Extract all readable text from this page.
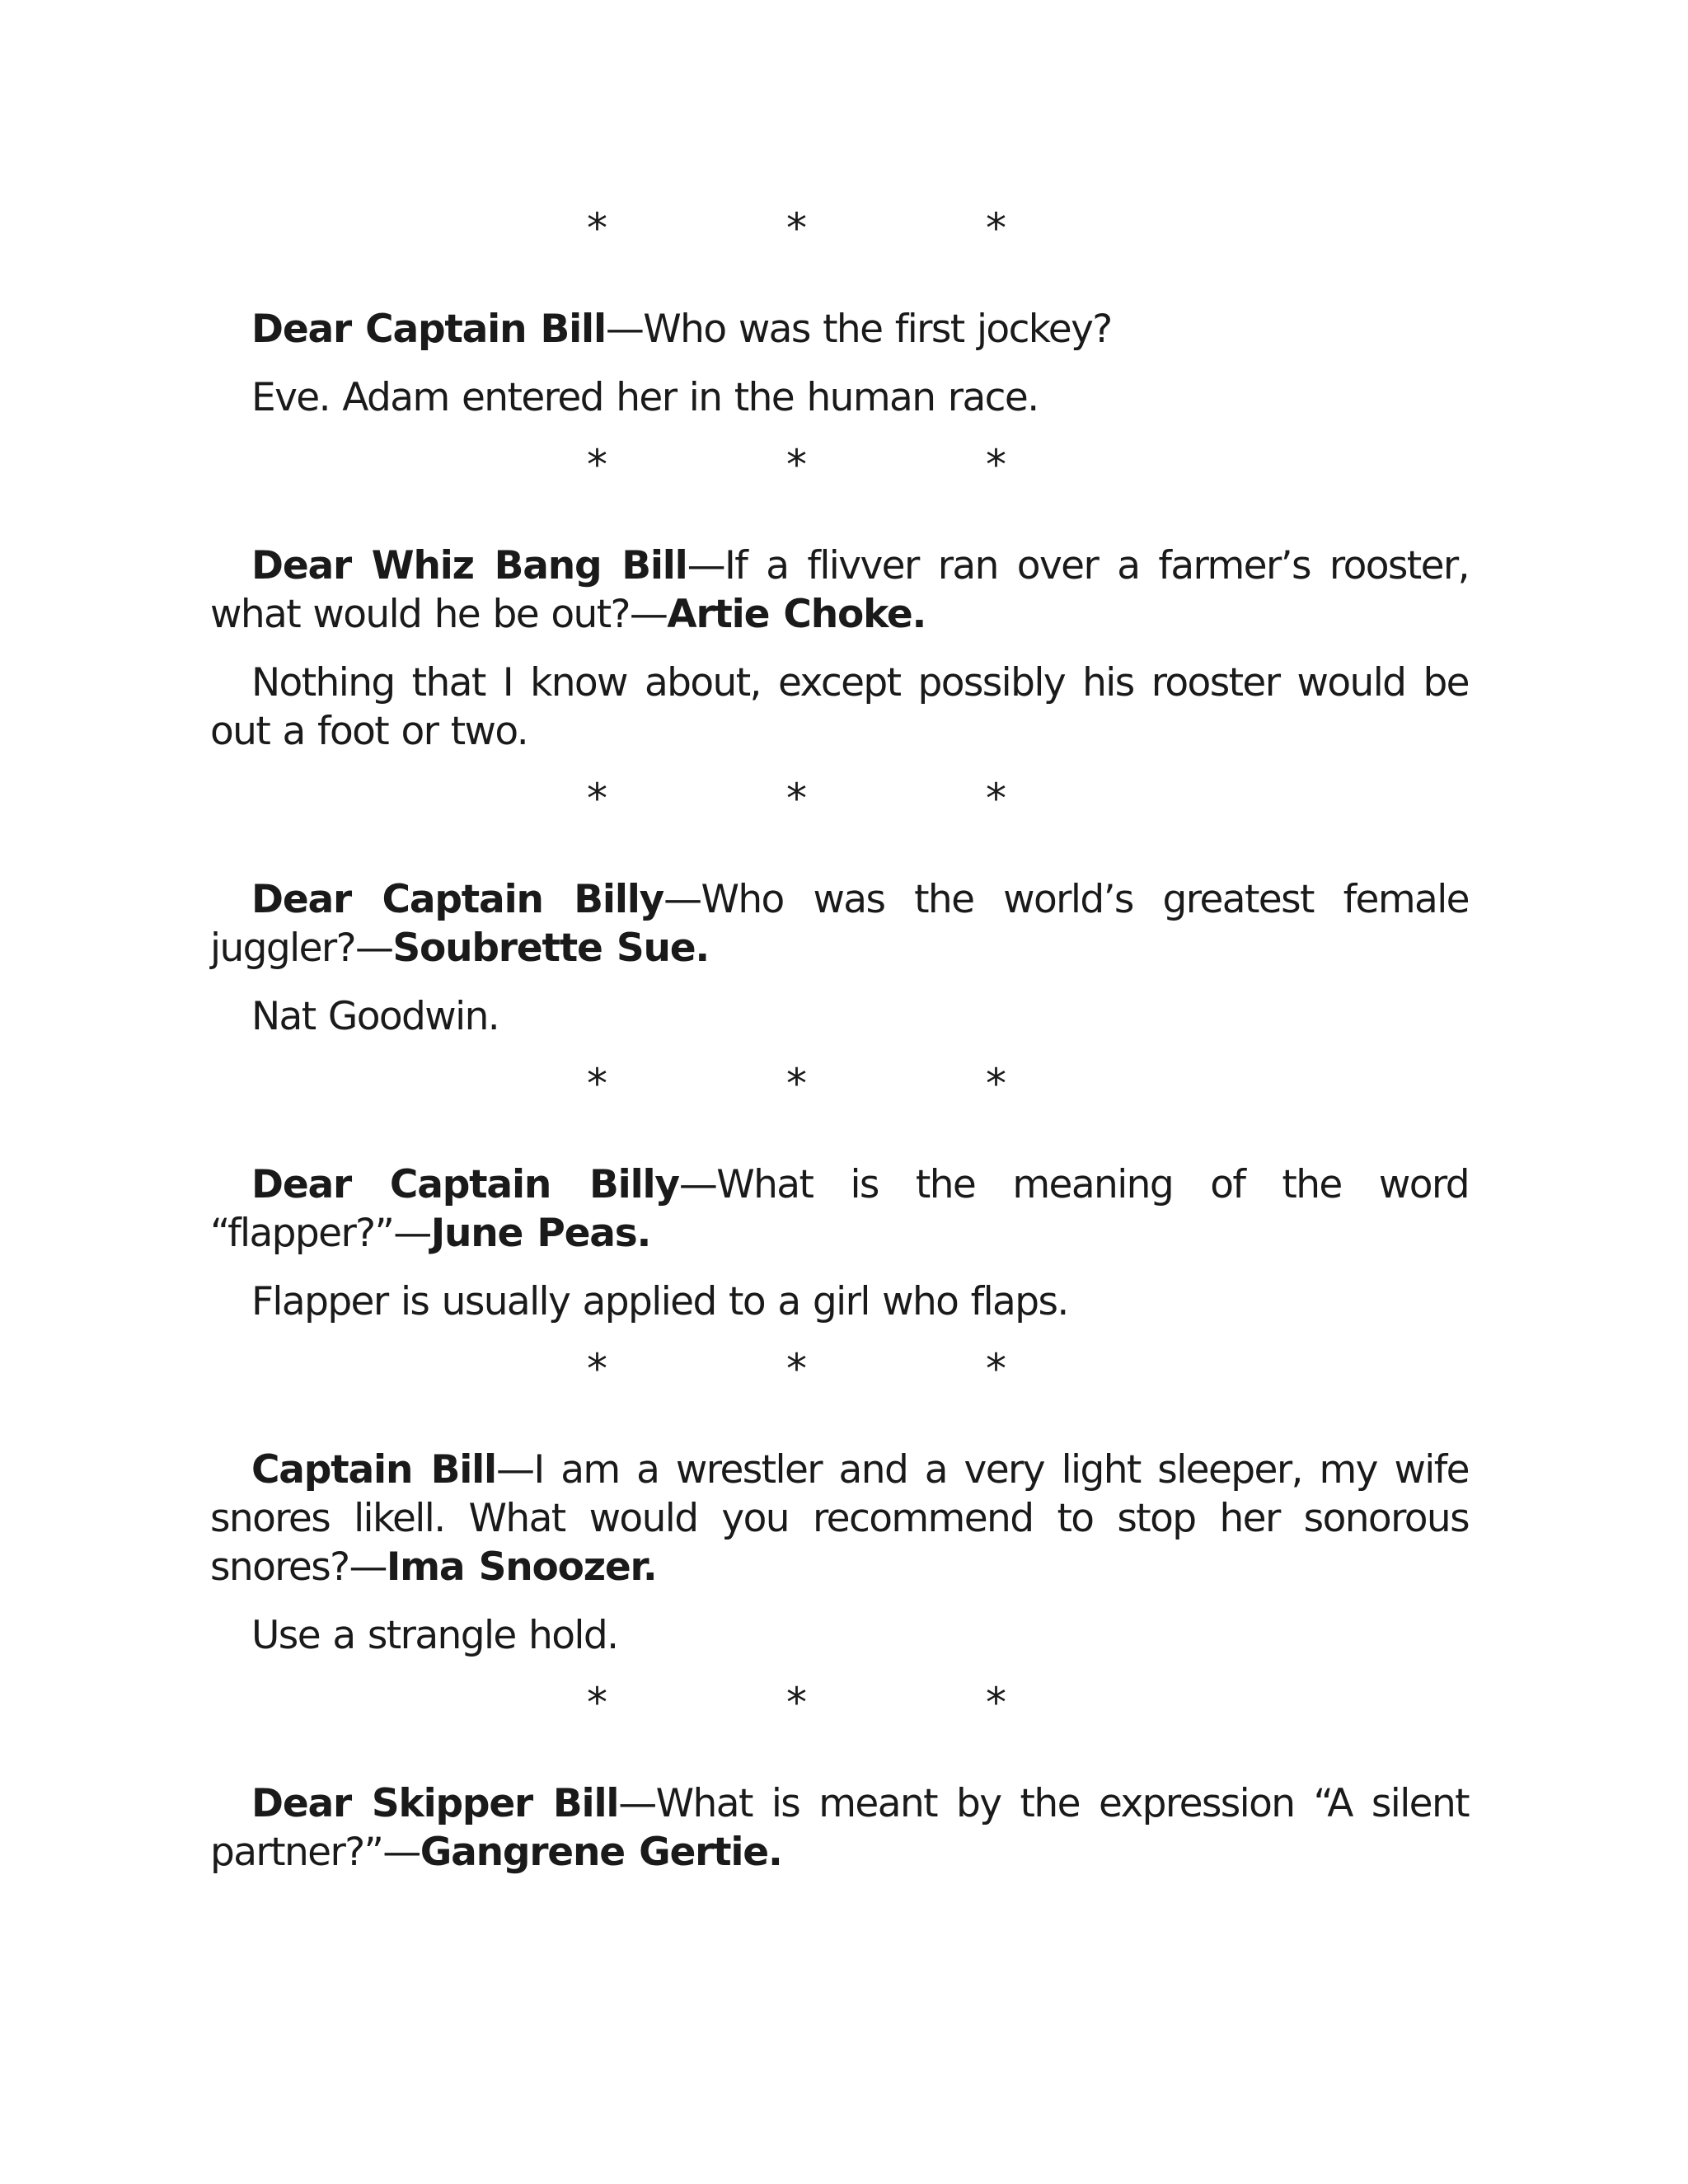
*	*	*

Dear Captain Bill—Who was the first jockey?

Eve. Adam entered her in the human race.

*	*	*

Dear Whiz Bang Bill—If a flivver ran over a farmer’s rooster, what would he be out?—Artie Choke.

Nothing that I know about, except possibly his rooster would be out a foot or two.

*	*	*

Dear Captain Billy—Who was the world’s greatest female juggler?—Soubrette Sue.

Nat Goodwin.

*	*	*

Dear Captain Billy—What is the meaning of the word “flapper?”—June Peas.

Flapper is usually applied to a girl who flaps.

*	*	*

Captain Bill—I am a wrestler and a very light sleeper, my wife snores likell. What would you recommend to stop her sonorous snores?—Ima Snoozer.

Use a strangle hold.

*	*	*

Dear Skipper Bill—What is meant by the expression “A silent partner?”—Gangrene Gertie.
